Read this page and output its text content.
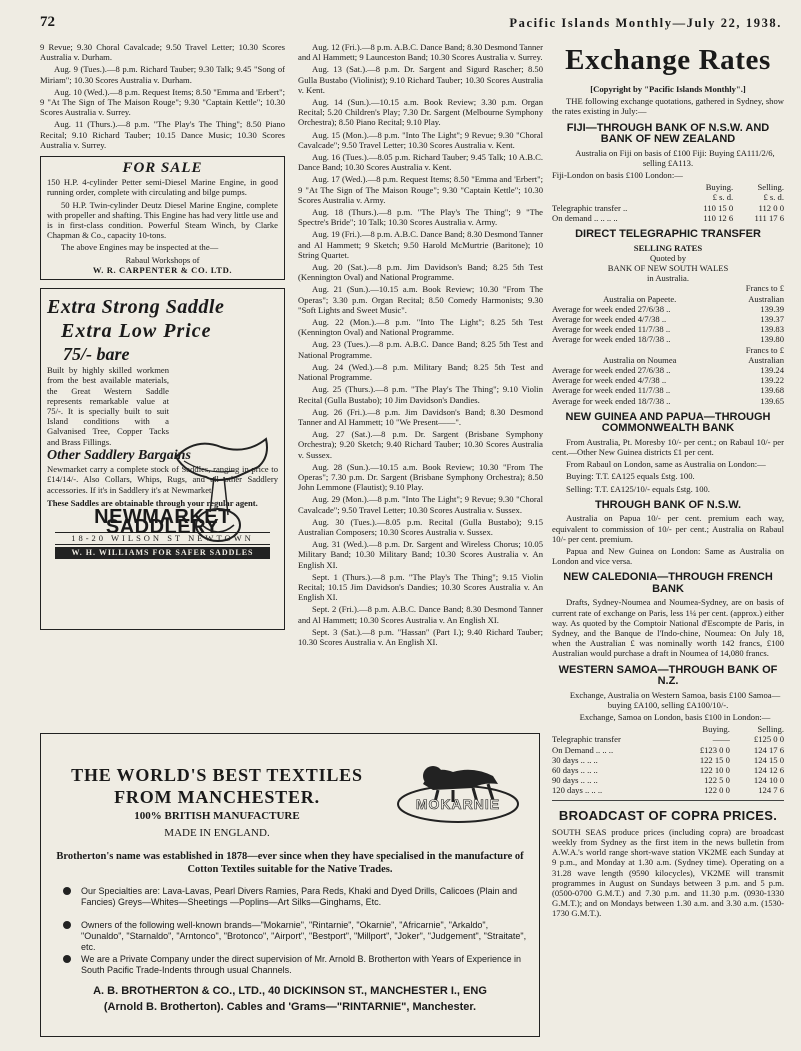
72	Pacific Islands Monthly—July 22, 1938.

9 Revue; 9.30 Choral Cavalcade; 9.50 Travel Letter; 10.30 Scores Australia v. Durham.

Aug. 9 (Tues.).—8 p.m. Richard Tauber; 9.30 Talk; 9.45 "Song of Miriam"; 10.30 Scores Australia v. Durham.

Aug. 10 (Wed.).—8 p.m. Request Items; 8.50 "Emma and 'Erbert"; 9 "At The Sign of The Maison Rouge"; 9.30 "Captain Kettle"; 10.30 Scores Australia v. Surrey.

Aug. 11 (Thurs.).—8 p.m. "The Play's The Thing"; 8.50 Piano Recital; 9.10 Richard Tauber; 10.15 Dance Music; 10.30 Scores Australia v. Surrey.

FOR SALE

150 H.P. 4-cylinder Petter semi-Diesel Marine Engine, in good running order, complete with circulating and bilge pumps.

50 H.P. Twin-cylinder Deutz Diesel Marine Engine, complete with propeller and shafting. This Engine has had very little use and is in first-class condition. Powerful Steam Winch, by Clarke Chapman & Co., capacity 10-tons.

The above Engines may be inspected at the—

Rabaul Workshops of
W. R. CARPENTER & CO. LTD.
Extra Strong Saddle
Extra Low Price
75/- bare
Built by highly skilled workmen from the best available materials, the Great Western Saddle represents remarkable value at 75/-. It is specially built to suit Island conditions with a Galvanised Tree, Copper Tacks and Brass Fillings.
Other Saddlery Bargains
Newmarket carry a complete stock of Saddles, ranging in price to £14/14/-. Also Collars, Whips, Rugs, and all other Saddlery accessories. If it's in Saddlery it's at Newmarket.
These Saddles are obtainable through your regular agent.
NEWMARKET SADDLERY
18-20 WILSON ST NEWTOWN
W. H. WILLIAMS FOR SAFER SADDLES

Aug. 12 (Fri.).—8 p.m. A.B.C. Dance Band; 8.30 Desmond Tanner and Al Hammett; 9 Launceston Band; 10.30 Scores Australia v. Surrey.

Aug. 13 (Sat.).—8 p.m. Dr. Sargent and Sigurd Rascher; 8.50 Gulla Bustabo (Violinist); 9.10 Richard Tauber; 10.30 Scores Australia v. Kent.

Aug. 14 (Sun.).—10.15 a.m. Book Review; 3.30 p.m. Organ Recital; 5.20 Children's Play; 7.30 Dr. Sargent (Melbourne Symphony Orchestra); 8.50 Piano Recital; 9.10 Play.

Aug. 15 (Mon.).—8 p.m. "Into The Light"; 9 Revue; 9.30 "Choral Cavalcade"; 9.50 Travel Letter; 10.30 Scores Australia v. Kent.

Aug. 16 (Tues.).—8.05 p.m. Richard Tauber; 9.45 Talk; 10 A.B.C. Dance Band; 10.30 Scores Australia v. Kent.

Aug. 17 (Wed.).—8 p.m. Request Items; 8.50 "Emma and 'Erbert"; 9 "At The Sign of The Maison Rouge"; 9.30 "Captain Kettle"; 10.30 Scores Australia v. Army.

Aug. 18 (Thurs.).—8 p.m. "The Play's The Thing"; 9 "The Spectre's Bride"; 10 Talk; 10.30 Scores Australia v. Army.

Aug. 19 (Fri.).—8 p.m. A.B.C. Dance Band; 8.30 Desmond Tanner and Al Hammett; 9 Sketch; 9.50 Harold McMurtrie (Baritone); 10 String Quartet.

Aug. 20 (Sat.).—8 p.m. Jim Davidson's Band; 8.25 5th Test (Kennington Oval) and National Programme.

Aug. 21 (Sun.).—10.15 a.m. Book Review; 10.30 "From The Operas"; 3.30 p.m. Organ Recital; 8.50 Comedy Harmonists; 9.30 "Soft Lights and Sweet Music".

Aug. 22 (Mon.).—8 p.m. "Into The Light"; 8.25 5th Test (Kennington Oval) and National Programme.

Aug. 23 (Tues.).—8 p.m. A.B.C. Dance Band; 8.25 5th Test and National Programme.

Aug. 24 (Wed.).—8 p.m. Military Band; 8.25 5th Test and National Programme.

Aug. 25 (Thurs.).—8 p.m. "The Play's The Thing"; 9.10 Violin Recital (Gulla Bustabo); 10 Jim Davidson's Dandies.

Aug. 26 (Fri.).—8 p.m. Jim Davidson's Band; 8.30 Desmond Tanner and Al Hammett; 10 "We Present——".

Aug. 27 (Sat.).—8 p.m. Dr. Sargent (Brisbane Symphony Orchestra); 9.20 Sketch; 9.40 Richard Tauber; 10.30 Scores Australia v. Sussex.

Aug. 28 (Sun.).—10.15 a.m. Book Review; 10.30 "From The Operas"; 7.30 p.m. Dr. Sargent (Brisbane Symphony Orchestra); 8.50 John Lemmone (Flautist); 9.10 Play.

Aug. 29 (Mon.).—8 p.m. "Into The Light"; 9 Revue; 9.30 "Choral Cavalcade"; 9.50 Travel Letter; 10.30 Scores Australia v. Sussex.

Aug. 30 (Tues.).—8.05 p.m. Recital (Gulla Bustabo); 9.15 Australian Composers; 10.30 Scores Australia v. Sussex.

Aug. 31 (Wed.).—8 p.m. Dr. Sargent and Wireless Chorus; 10.05 Military Band; 10.30 Military Band; 10.30 Scores Australia v. An English XI.

Sept. 1 (Thurs.).—8 p.m. "The Play's The Thing"; 9.15 Violin Recital; 10.15 Jim Davidson's Dandies; 10.30 Scores Australia v. An English XI.

Sept. 2 (Fri.).—8 p.m. A.B.C. Dance Band; 8.30 Desmond Tanner and Al Hammett; 10.30 Scores Australia v. An English XI.

Sept. 3 (Sat.).—8 p.m. "Hassan" (Part I.); 9.40 Richard Tauber; 10.30 Scores Australia v. An English XI.

THE WORLD'S BEST TEXTILES FROM MANCHESTER.
100% BRITISH MANUFACTURE
MADE IN ENGLAND.
MOKARNIE
Brotherton's name was established in 1878—ever since when they have specialised in the manufacture of Cotton Textiles suitable for the Native Trades.
Our Specialties are: Lava-Lavas, Pearl Divers Ramies, Para Reds, Khaki and Dyed Drills, Calicoes (Plain and Fancies) Greys—Whites—Sheetings —Poplins—Art Silks—Ginghams, Etc.
Owners of the following well-known brands—"Mokarnie", "Rintarnie", "Okarnie", "Africarnie", "Arkaldo", "Ounaldo", "Starnaldo", "Arntonco", "Brotonco", "Airport", "Bestport", "Millport", "Joker", "Judgement", "Straitate", etc.
We are a Private Company under the direct supervision of Mr. Arnold B. Brotherton with Years of Experience in South Pacific Trade-Indents through usual Channels.
A. B. BROTHERTON & CO., LTD., 40 DICKINSON ST., MANCHESTER I., ENG
(Arnold B. Brotherton). Cables and 'Grams—"RINTARNIE", Manchester.
Exchange Rates
[Copyright by "Pacific Islands Monthly".]

THE following exchange quotations, gathered in Sydney, show the rates existing in July:—

FIJI—THROUGH BANK OF N.S.W. AND BANK OF NEW ZEALAND

Australia on Fiji on basis of £100 Fiji: Buying £A111/2/6, selling £A113.

Fiji-London on basis £100 London:—

	Buying.	Selling.
	£ s. d.	£ s. d.
Telegraphic transfer ..	110 15 0	112 0 0
On demand .. .. .. ..	110 12 6	111 17 6
DIRECT TELEGRAPHIC TRANSFER
SELLING RATES
Quoted by
BANK OF NEW SOUTH WALES
in Australia.
	Francs to £
Australia on Papeete.	Australian
Average for week ended 27/6/38 ..	139.39
Average for week ended 4/7/38 ..	139.37
Average for week ended 11/7/38 ..	139.83
Average for week ended 18/7/38 ..	139.80
	Francs to £
Australia on Noumea	Australian
Average for week ended 27/6/38 ..	139.24
Average for week ended 4/7/38 ..	139.22
Average for week ended 11/7/38 ..	139.68
Average for week ended 18/7/38 ..	139.65
NEW GUINEA AND PAPUA—THROUGH COMMONWEALTH BANK

From Australia, Pt. Moresby 10/- per cent.; on Rabaul 10/- per cent.—Other New Guinea districts £1 per cent.

From Rabaul on London, same as Australia on London:—

Buying: T.T. £A125 equals £stg. 100.

Selling: T.T. £A125/10/- equals £stg. 100.

THROUGH BANK OF N.S.W.

Australia on Papua 10/- per cent. premium each way, equivalent to commission of 10/- per cent.; Australia on Rabaul 10/- per cent. premium.

Papua and New Guinea on London: Same as Australia on London and vice versa.

NEW CALEDONIA—THROUGH FRENCH BANK

Drafts, Sydney-Noumea and Noumea-Sydney, are on basis of current rate of exchange on Paris, less 1¼ per cent. (approx.) either way. As quoted by the Comptoir National d'Escompte de Paris, in Sydney, and the Banque de l'Indo-chine, Noumea: On July 18, when the Australian £ was nominally worth 142 francs, £100 Australian would purchase a draft in Noumea of 14,080 francs.

WESTERN SAMOA—THROUGH BANK OF N.Z.

Exchange, Australia on Western Samoa, basis £100 Samoa—buying £A100, selling £A100/10/-.

Exchange, Samoa on London, basis £100 in London:—

	Buying.	Selling.
Telegraphic transfer	——	£125 0 0
On Demand .. .. ..	£123 0 0	124 17 6
30 days .. .. ..	122 15 0	124 15 0
60 days .. .. ..	122 10 0	124 12 6
90 days .. .. ..	122 5 0	124 10 0
120 days .. .. ..	122 0 0	124 7 6
BROADCAST OF COPRA PRICES.

SOUTH SEAS produce prices (including copra) are broadcast weekly from Sydney as the first item in the news bulletin from A.W.A.'s world range short-wave station VK2ME each Sunday at 9 p.m., and Monday at 1.30 a.m. (Sydney time). Operating on a 31.28 wave length (9590 kilocycles), VK2ME will transmit programmes in August on Sundays between 3 p.m. and 5 p.m. (0500-0700 G.M.T.) and 7.30 p.m. and 11.30 p.m. (0930-1330 G.M.T.); and on Mondays between 1.30 a.m. and 3.30 a.m. (1530-1730 G.M.T.).
